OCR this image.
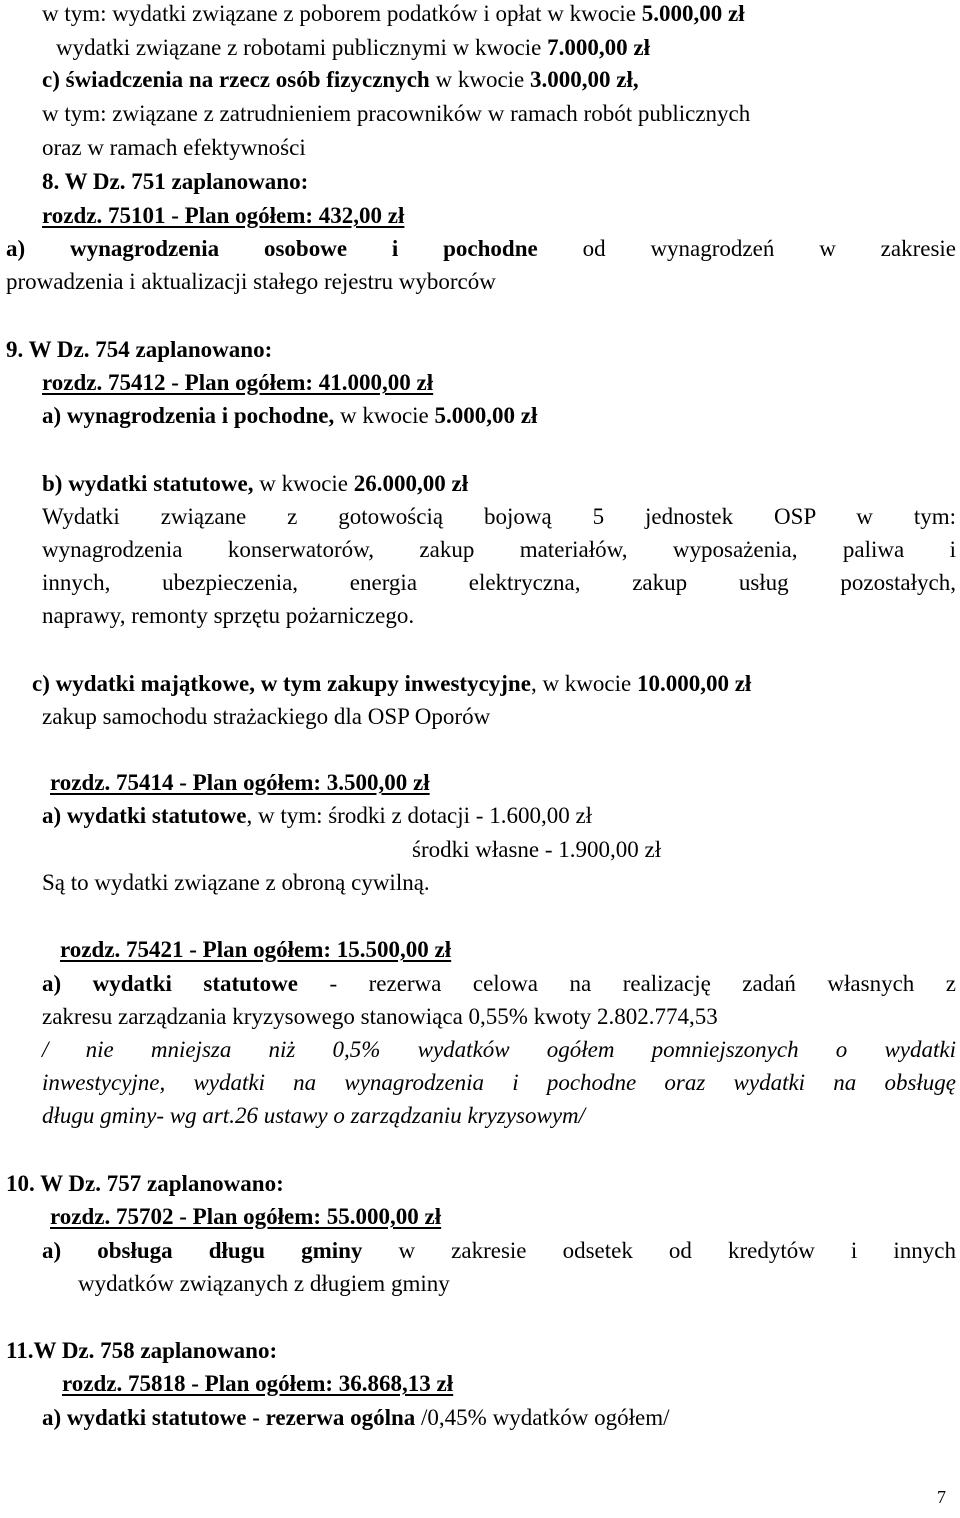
w tym: wydatki związane z poborem podatków i opłat w kwocie 5.000,00 zł
wydatki związane z robotami publicznymi w kwocie 7.000,00 zł
c) świadczenia na rzecz osób fizycznych w kwocie 3.000,00 zł,
w tym: związane z zatrudnieniem pracowników w ramach robót publicznych
oraz w ramach efektywności
8. W Dz. 751 zaplanowano:
rozdz. 75101 - Plan ogółem: 432,00 zł
a) wynagrodzenia osobowe i pochodne od wynagrodzeń w zakresie
prowadzenia i aktualizacji stałego rejestru wyborców
9. W Dz. 754 zaplanowano:
rozdz. 75412 - Plan ogółem: 41.000,00 zł
a) wynagrodzenia i pochodne, w kwocie 5.000,00 zł
b) wydatki statutowe, w kwocie 26.000,00 zł
Wydatki związane z gotowością bojową 5 jednostek OSP w tym:
wynagrodzenia konserwatorów, zakup materiałów, wyposażenia, paliwa i
innych, ubezpieczenia, energia elektryczna, zakup usług pozostałych,
naprawy, remonty sprzętu pożarniczego.
c) wydatki majątkowe, w tym zakupy inwestycyjne, w kwocie 10.000,00 zł
zakup samochodu strażackiego dla OSP Oporów
rozdz. 75414 - Plan ogółem: 3.500,00 zł
a) wydatki statutowe, w tym: środki z dotacji - 1.600,00 zł
środki własne - 1.900,00 zł
Są to wydatki związane z obroną cywilną.
rozdz. 75421 - Plan ogółem: 15.500,00 zł
a) wydatki statutowe - rezerwa celowa na realizację zadań własnych z
zakresu zarządzania kryzysowego stanowiąca 0,55% kwoty 2.802.774,53
/ nie mniejsza niż 0,5% wydatków ogółem pomniejszonych o wydatki
inwestycyjne, wydatki na wynagrodzenia i pochodne oraz wydatki na obsługę
długu gminy- wg art.26 ustawy o zarządzaniu kryzysowym/
10. W Dz. 757 zaplanowano:
rozdz. 75702 - Plan ogółem: 55.000,00 zł
a) obsługa długu gminy w zakresie odsetek od kredytów i innych
wydatków związanych z długiem gminy
11.W Dz. 758 zaplanowano:
rozdz. 75818 - Plan ogółem: 36.868,13 zł
a) wydatki statutowe - rezerwa ogólna /0,45% wydatków ogółem/
7
